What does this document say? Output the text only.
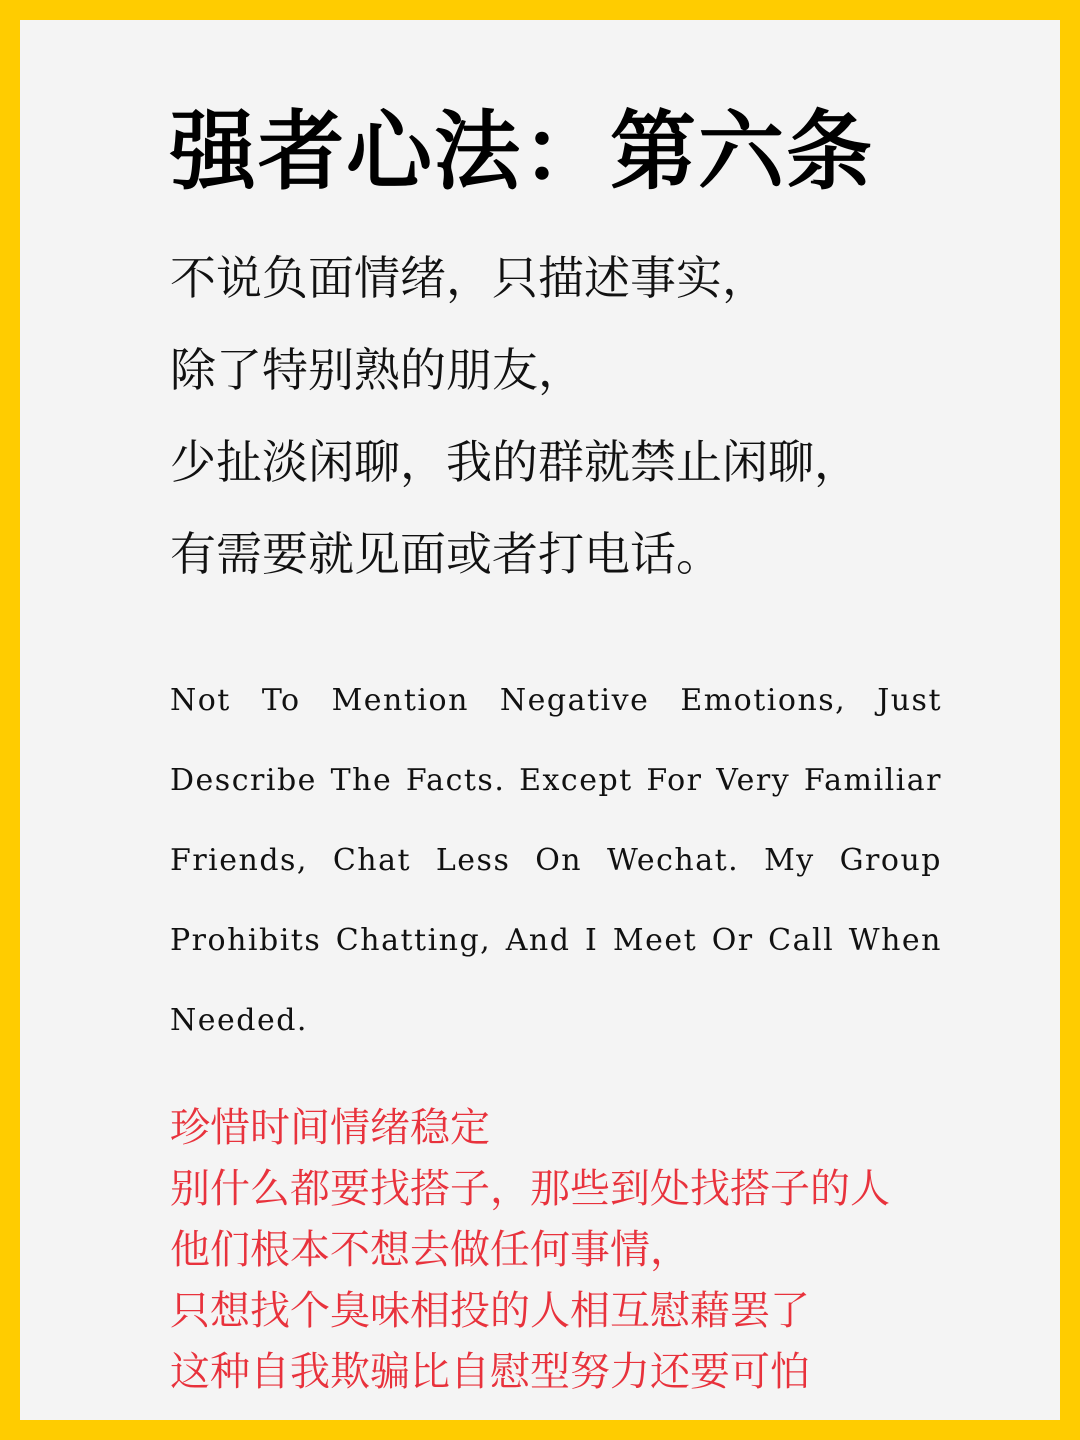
强者心法：第六条
不说负面情绪，只描述事实，
除了特别熟的朋友，
少扯淡闲聊，我的群就禁止闲聊，
有需要就见面或者打电话。

Not To Mention Negative Emotions, Just Describe The Facts. Except For Very Familiar Friends, Chat Less On Wechat. My Group Prohibits Chatting, And I Meet Or Call When Needed.

珍惜时间情绪稳定
别什么都要找搭子，那些到处找搭子的人
他们根本不想去做任何事情，
只想找个臭味相投的人相互慰藉罢了
这种自我欺骗比自慰型努力还要可怕
